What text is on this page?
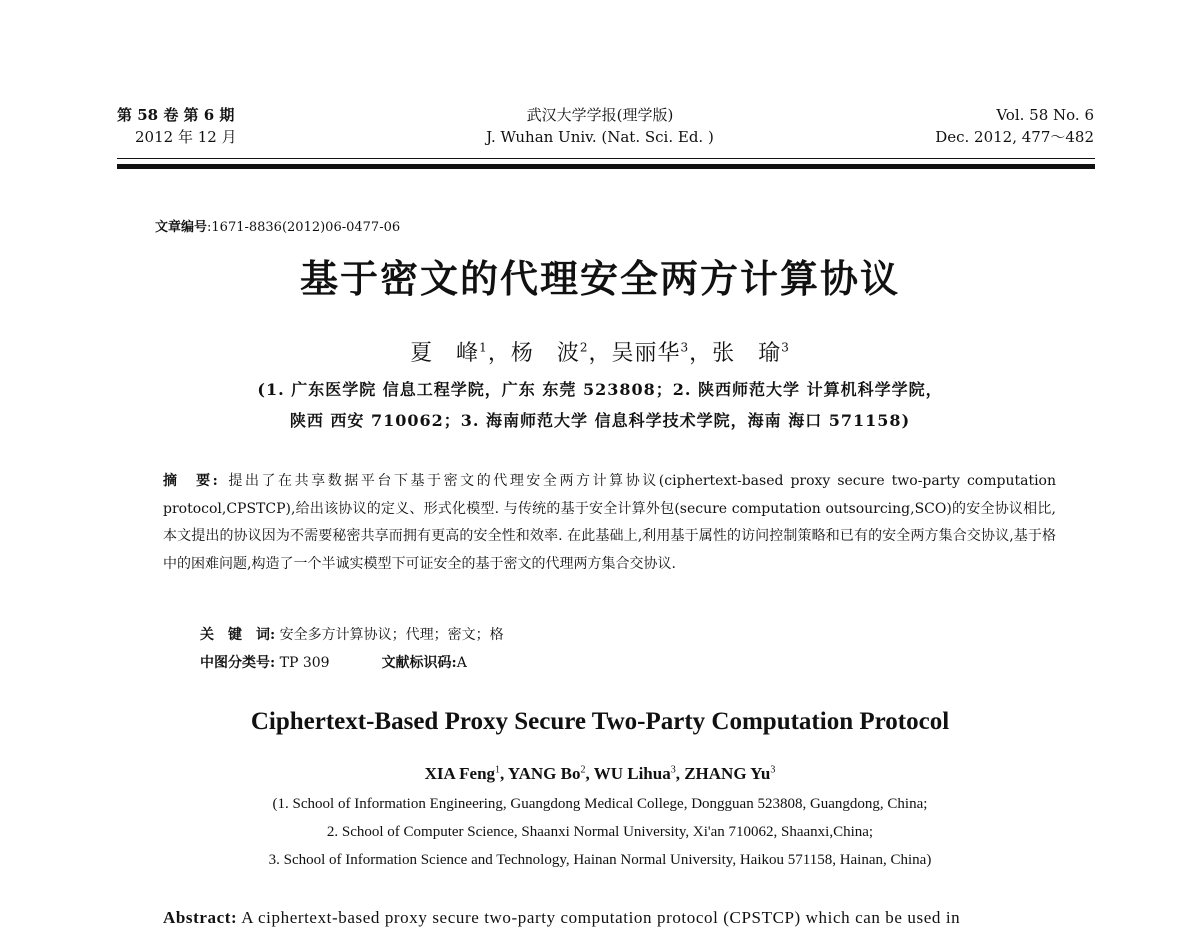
第 58 卷 第 6 期
2012 年 12 月
武汉大学学报(理学版)
J. Wuhan Univ. (Nat. Sci. Ed. )
Vol. 58 No. 6
Dec. 2012, 477～482
文章编号:1671-8836(2012)06-0477-06
基于密文的代理安全两方计算协议
夏　峰$^1$，杨　波$^2$，吴丽华$^3$，张　瑜$^3$
(1. 广东医学院 信息工程学院，广东 东莞 523808；2. 陕西师范大学 计算机科学学院，
陕西 西安 710062；3. 海南师范大学 信息科学技术学院，海南 海口 571158)
摘　要: 提出了在共享数据平台下基于密文的代理安全两方计算协议(ciphertext-based proxy secure two-party computation protocol,CPSTCP),给出该协议的定义、形式化模型. 与传统的基于安全计算外包(secure computation outsourcing,SCO)的安全协议相比,本文提出的协议因为不需要秘密共享而拥有更高的安全性和效率. 在此基础上,利用基于属性的访问控制策略和已有的安全两方集合交协议,基于格中的困难问题,构造了一个半诚实模型下可证安全的基于密文的代理两方集合交协议.
关　键　词: 安全多方计算协议；代理；密文；格
中图分类号: TP 309	文献标识码:A
Ciphertext-Based Proxy Secure Two-Party Computation Protocol
XIA Feng$^1$, YANG Bo$^2$, WU Lihua$^3$, ZHANG Yu$^3$
(1. School of Information Engineering, Guangdong Medical College, Dongguan 523808, Guangdong, China;
2. School of Computer Science, Shaanxi Normal University, Xi'an 710062, Shaanxi,China;
3. School of Information Science and Technology, Hainan Normal University, Haikou 571158, Hainan, China)
Abstract: A ciphertext-based proxy secure two-party computation protocol (CPSTCP) which can be used in
